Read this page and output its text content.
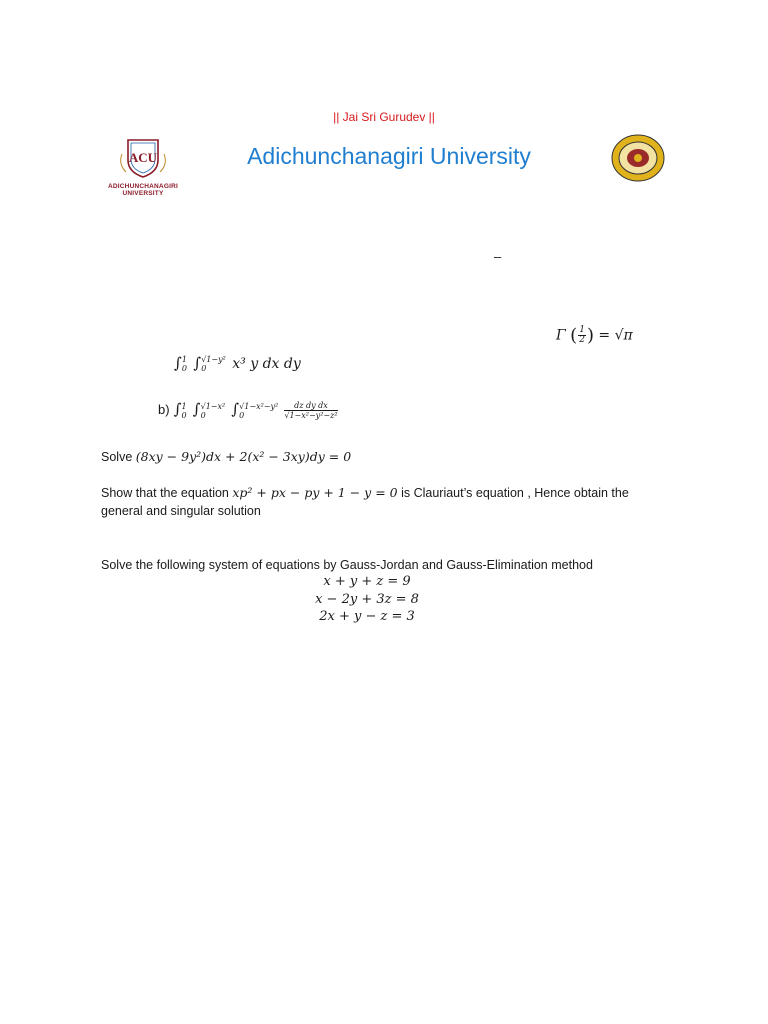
|| Jai Sri Gurudev ||
ACU
ADICHUNCHANAGIRI UNIVERSITY
Adichunchanagiri University
–
Γ ( $\frac{1}{2}$ ) = √π
∫ 1
0 ∫ √1−y²
0	x³ y dx dy
b) ∫ 1
0 ∫ √1−x²
0	∫ √1−x²−y²
0
	$\frac{\text{dz dy dx}}{\text{√1−x²−y²−z²}}$
Solve (8xy − 9y²)dx + 2(x² − 3xy)dy = 0
Show that the equation xp² + px − py + 1 − y = 0 is Clauriaut’s equation , Hence obtain the general and singular solution
Solve the following system of equations by Gauss-Jordan and Gauss-Elimination method
x + y + z = 9
x − 2y + 3z = 8
2x + y − z = 3
